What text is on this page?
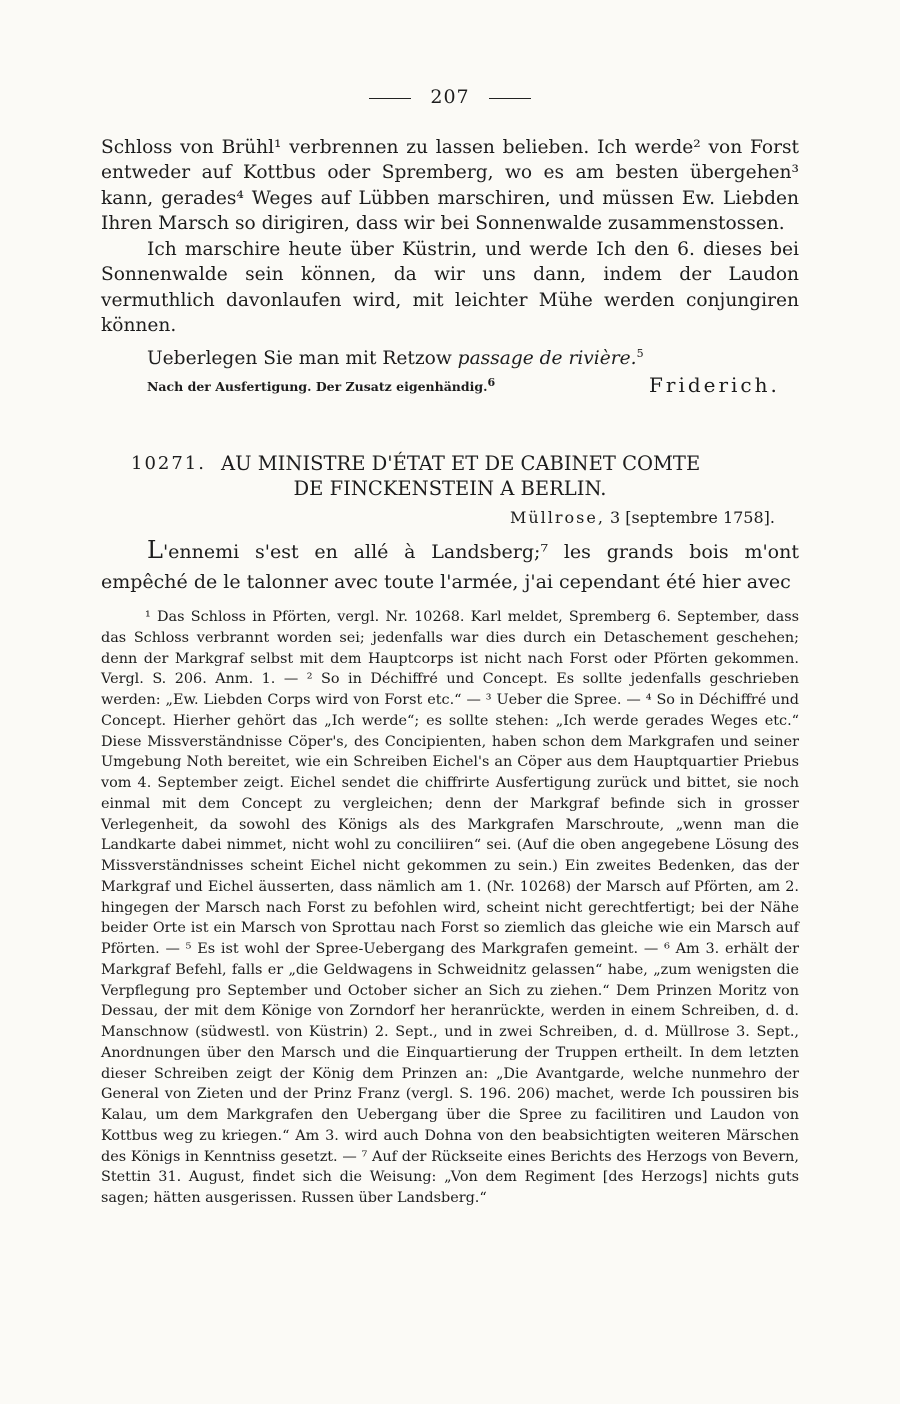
207
Schloss von Brühl¹ verbrennen zu lassen belieben. Ich werde² von Forst entweder auf Kottbus oder Spremberg, wo es am besten übergehen³ kann, gerades⁴ Weges auf Lübben marschiren, und müssen Ew. Liebden Ihren Marsch so dirigiren, dass wir bei Sonnenwalde zusammenstossen.
Ich marschire heute über Küstrin, und werde Ich den 6. dieses bei Sonnenwalde sein können, da wir uns dann, indem der Laudon vermuthlich davonlaufen wird, mit leichter Mühe werden conjungiren können.
Ueberlegen Sie man mit Retzow passage de rivière.$^5$
Nach der Ausfertigung. Der Zusatz eigenhändig.$^6$	Friderich.
10271. AU MINISTRE D'ÉTAT ET DE CABINET COMTE
DE FINCKENSTEIN A BERLIN.
Müllrose, 3 [septembre 1758].
L'ennemi s'est en allé à Landsberg;⁷ les grands bois m'ont empêché de le talonner avec toute l'armée, j'ai cependant été hier avec
¹ Das Schloss in Pförten, vergl. Nr. 10268. Karl meldet, Spremberg 6. September, dass das Schloss verbrannt worden sei; jedenfalls war dies durch ein Detaschement geschehen; denn der Markgraf selbst mit dem Hauptcorps ist nicht nach Forst oder Pförten gekommen. Vergl. S. 206. Anm. 1. — ² So in Déchiffré und Concept. Es sollte jedenfalls geschrieben werden: „Ew. Liebden Corps wird von Forst etc.“ — ³ Ueber die Spree. — ⁴ So in Déchiffré und Concept. Hierher gehört das „Ich werde“; es sollte stehen: „Ich werde gerades Weges etc.“ Diese Missverständnisse Cöper's, des Concipienten, haben schon dem Markgrafen und seiner Umgebung Noth bereitet, wie ein Schreiben Eichel's an Cöper aus dem Hauptquartier Priebus vom 4. September zeigt. Eichel sendet die chiffrirte Ausfertigung zurück und bittet, sie noch einmal mit dem Concept zu vergleichen; denn der Markgraf befinde sich in grosser Verlegenheit, da sowohl des Königs als des Markgrafen Marschroute, „wenn man die Landkarte dabei nimmet, nicht wohl zu conciliiren“ sei. (Auf die oben angegebene Lösung des Missverständnisses scheint Eichel nicht gekommen zu sein.) Ein zweites Bedenken, das der Markgraf und Eichel äusserten, dass nämlich am 1. (Nr. 10268) der Marsch auf Pförten, am 2. hingegen der Marsch nach Forst zu befohlen wird, scheint nicht gerechtfertigt; bei der Nähe beider Orte ist ein Marsch von Sprottau nach Forst so ziemlich das gleiche wie ein Marsch auf Pförten. — ⁵ Es ist wohl der Spree-Uebergang des Markgrafen gemeint. — ⁶ Am 3. erhält der Markgraf Befehl, falls er „die Geldwagens in Schweidnitz gelassen“ habe, „zum wenigsten die Verpflegung pro September und October sicher an Sich zu ziehen.“ Dem Prinzen Moritz von Dessau, der mit dem Könige von Zorndorf her heranrückte, werden in einem Schreiben, d. d. Manschnow (südwestl. von Küstrin) 2. Sept., und in zwei Schreiben, d. d. Müllrose 3. Sept., Anordnungen über den Marsch und die Einquartierung der Truppen ertheilt. In dem letzten dieser Schreiben zeigt der König dem Prinzen an: „Die Avantgarde, welche nunmehro der General von Zieten und der Prinz Franz (vergl. S. 196. 206) machet, werde Ich poussiren bis Kalau, um dem Markgrafen den Uebergang über die Spree zu facilitiren und Laudon von Kottbus weg zu kriegen.“ Am 3. wird auch Dohna von den beabsichtigten weiteren Märschen des Königs in Kenntniss gesetzt. — ⁷ Auf der Rückseite eines Berichts des Herzogs von Bevern, Stettin 31. August, findet sich die Weisung: „Von dem Regiment [des Herzogs] nichts guts sagen; hätten ausgerissen. Russen über Landsberg.“
